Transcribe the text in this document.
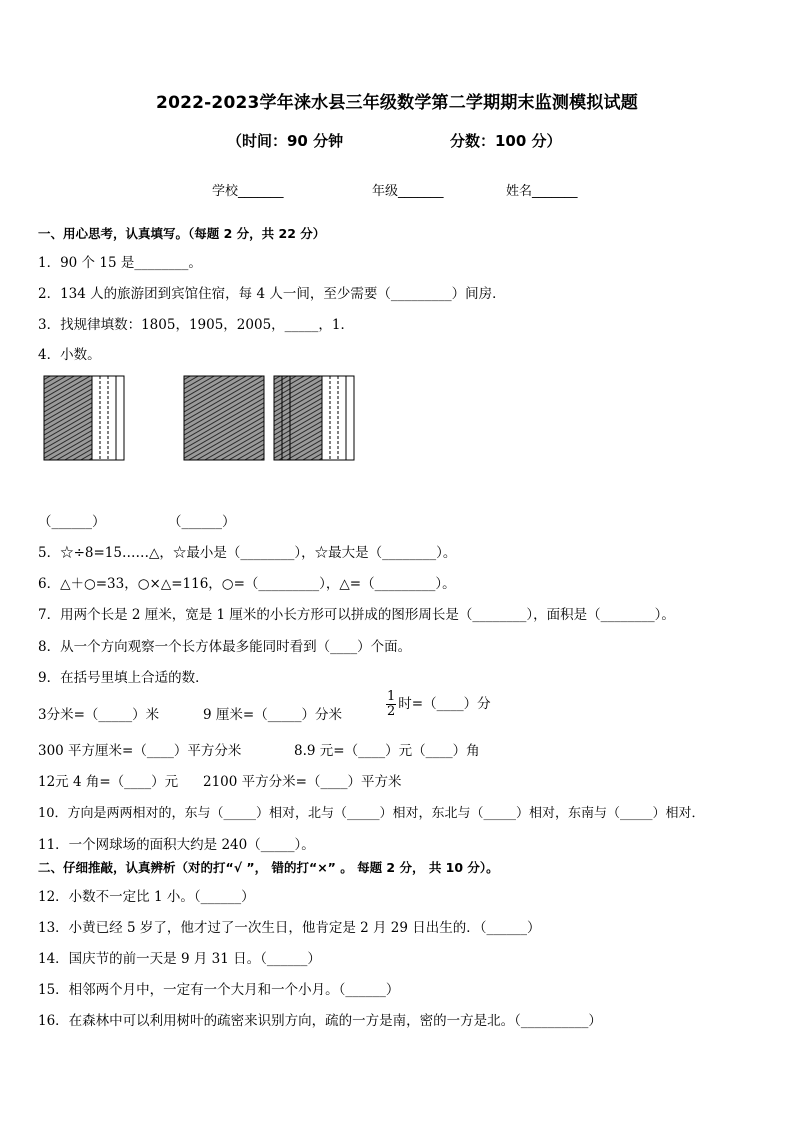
2022-2023学年涞水县三年级数学第二学期期末监测模拟试题
（时间：90 分钟	分数：100 分）
学校_______	年级_______	姓名_______
一、用心思考，认真填写。（每题 2 分，共 22 分）
1．90 个 15 是________。
2．134 人的旅游团到宾馆住宿，每 4 人一间，至少需要（_________）间房．
3．找规律填数：1805，1905，2005，_____，1．
4．小数。
（______）	（______）
5．☆÷8=15……△，☆最小是（________），☆最大是（________）。
6．△＋○=33，○×△=116，○=（_________），△=（_________）。
7．用两个长是 2 厘米，宽是 1 厘米的小长方形可以拼成的图形周长是（________），面积是（________）。
8．从一个方向观察一个长方体最多能同时看到（____）个面。
9．在括号里填上合适的数．
3分米=（_____）米	9 厘米=（_____）分米	$\frac{1}{2}$ 时=（____）分
300 平方厘米=（____）平方分米	8.9 元=（____）元（____）角
12元 4 角=（____）元 2100 平方分米=（____）平方米
10．方向是两两相对的，东与（_____）相对，北与（_____）相对，东北与（_____）相对，东南与（_____）相对．
11．一个网球场的面积大约是 240（_____）。
二、仔细推敲，认真辨析（对的打“√ ”， 错的打“×” 。 每题 2 分， 共 10 分）。
12．小数不一定比 1 小。（______）
13．小黄已经 5 岁了，他才过了一次生日，他肯定是 2 月 29 日出生的．（______）
14．国庆节的前一天是 9 月 31 日。（______）
15．相邻两个月中，一定有一个大月和一个小月。（______）
16．在森林中可以利用树叶的疏密来识别方向，疏的一方是南，密的一方是北。（__________）
